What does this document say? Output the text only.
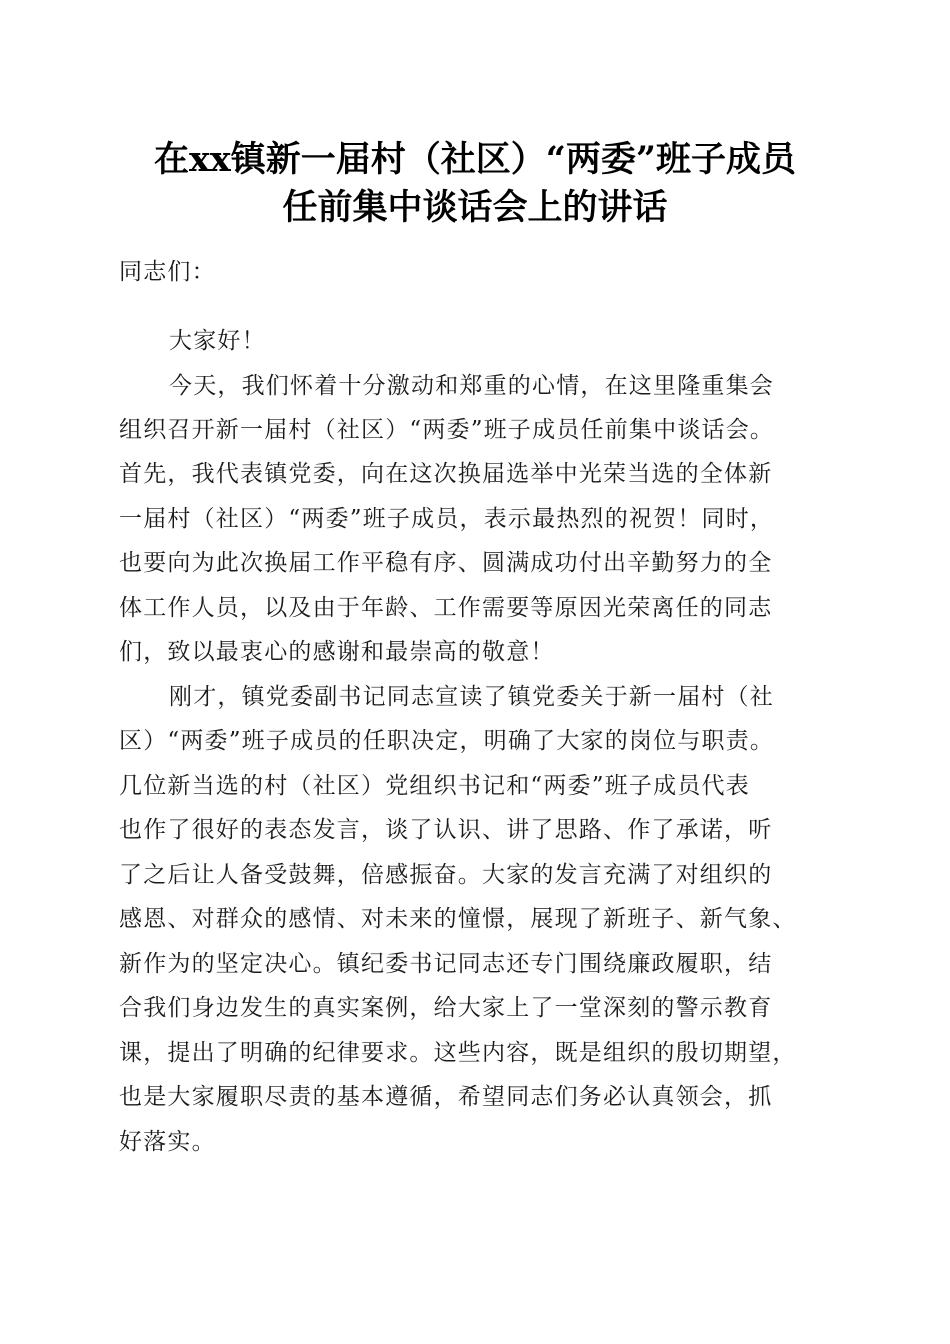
在xx镇新一届村（社区）“两委”班子成员
任前集中谈话会上的讲话
同志们：
大家好！
今天，我们怀着十分激动和郑重的心情，在这里隆重集会
组织召开新一届村（社区）“两委”班子成员任前集中谈话会。
首先，我代表镇党委，向在这次换届选举中光荣当选的全体新
一届村（社区）“两委”班子成员，表示最热烈的祝贺！同时，
也要向为此次换届工作平稳有序、圆满成功付出辛勤努力的全
体工作人员，以及由于年龄、工作需要等原因光荣离任的同志
们，致以最衷心的感谢和最崇高的敬意！
刚才，镇党委副书记同志宣读了镇党委关于新一届村（社
区）“两委”班子成员的任职决定，明确了大家的岗位与职责。
几位新当选的村（社区）党组织书记和“两委”班子成员代表
也作了很好的表态发言，谈了认识、讲了思路、作了承诺，听
了之后让人备受鼓舞，倍感振奋。大家的发言充满了对组织的
感恩、对群众的感情、对未来的憧憬，展现了新班子、新气象、
新作为的坚定决心。镇纪委书记同志还专门围绕廉政履职，结
合我们身边发生的真实案例，给大家上了一堂深刻的警示教育
课，提出了明确的纪律要求。这些内容，既是组织的殷切期望，
也是大家履职尽责的基本遵循，希望同志们务必认真领会，抓
好落实。
